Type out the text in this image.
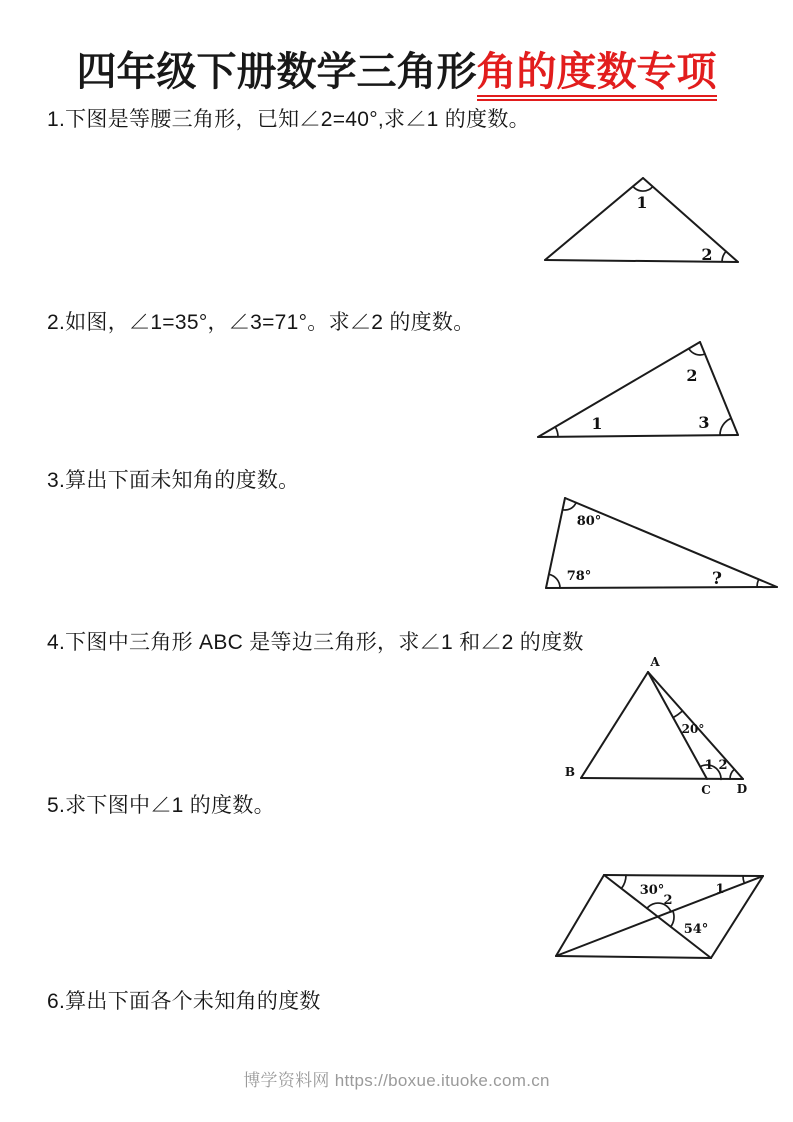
四年级下册数学三角形角的度数专项
1.下图是等腰三角形，已知∠2=40°,求∠1 的度数。
1
2
2.如图，∠1=35°，∠3=71°。求∠2 的度数。
2
1	3
3.算出下面未知角的度数。
80°
78°	?
4.下图中三角形 ABC 是等边三角形，求∠1 和∠2 的度数
A
B
C D
20°
1 2
5.求下图中∠1 的度数。
30°	1
2
54°
6.算出下面各个未知角的度数
博学资料网 https://boxue.ituoke.com.cn
